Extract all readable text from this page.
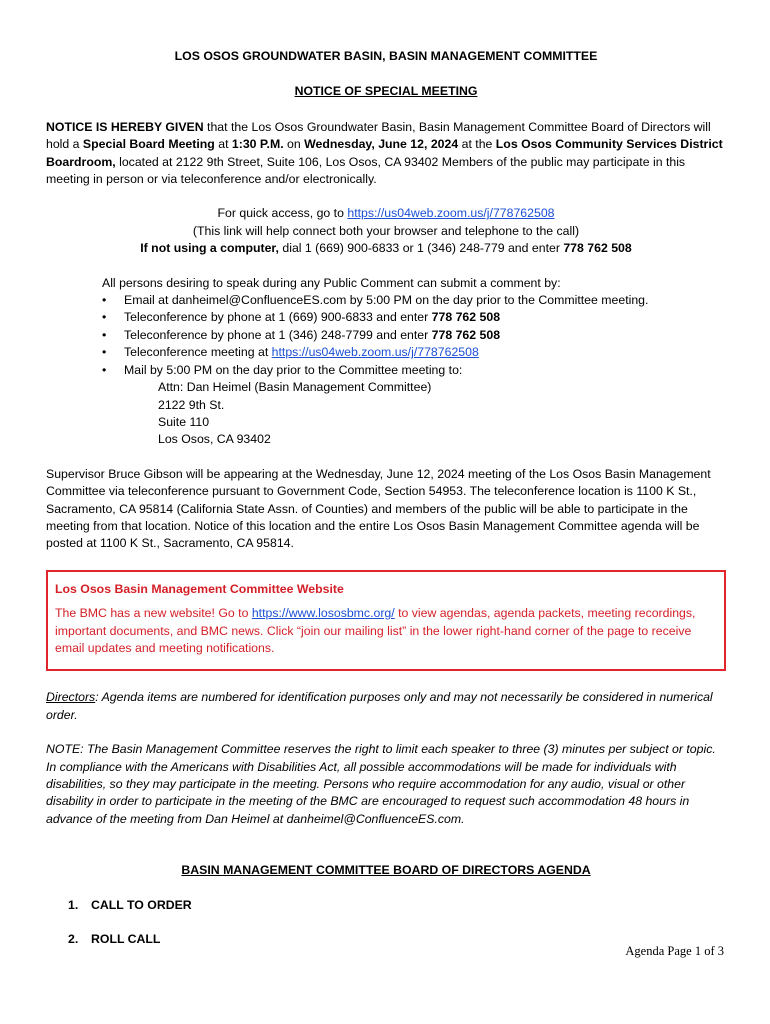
LOS OSOS GROUNDWATER BASIN, BASIN MANAGEMENT COMMITTEE

NOTICE OF SPECIAL MEETING

NOTICE IS HEREBY GIVEN that the Los Osos Groundwater Basin, Basin Management Committee Board of Directors will hold a Special Board Meeting at 1:30 P.M. on Wednesday, June 12, 2024 at the Los Osos Community Services District Boardroom, located at 2122 9th Street, Suite 106, Los Osos, CA 93402 Members of the public may participate in this meeting in person or via teleconference and/or electronically.

For quick access, go to https://us04web.zoom.us/j/778762508

(This link will help connect both your browser and telephone to the call)

If not using a computer, dial 1 (669) 900-6833 or 1 (346) 248-779 and enter 778 762 508

All persons desiring to speak during any Public Comment can submit a comment by:

• Email at danheimel@ConfluenceES.com by 5:00 PM on the day prior to the Committee meeting.
• Teleconference by phone at 1 (669) 900-6833 and enter 778 762 508
• Teleconference by phone at 1 (346) 248-7799 and enter 778 762 508
• Teleconference meeting at https://us04web.zoom.us/j/778762508
• Mail by 5:00 PM on the day prior to the Committee meeting to:

Attn: Dan Heimel (Basin Management Committee)

2122 9th St.

Suite 110

Los Osos, CA 93402

Supervisor Bruce Gibson will be appearing at the Wednesday, June 12, 2024 meeting of the Los Osos Basin Management Committee via teleconference pursuant to Government Code, Section 54953. The teleconference location is 1100 K St., Sacramento, CA 95814 (California State Assn. of Counties) and members of the public will be able to participate in the meeting from that location. Notice of this location and the entire Los Osos Basin Management Committee agenda will be posted at 1100 K St., Sacramento, CA 95814.

Los Osos Basin Management Committee Website

The BMC has a new website! Go to https://www.lososbmc.org/ to view agendas, agenda packets, meeting recordings, important documents, and BMC news. Click “join our mailing list” in the lower right-hand corner of the page to receive email updates and meeting notifications.

Directors: Agenda items are numbered for identification purposes only and may not necessarily be considered in numerical order.

NOTE: The Basin Management Committee reserves the right to limit each speaker to three (3) minutes per subject or topic. In compliance with the Americans with Disabilities Act, all possible accommodations will be made for individuals with disabilities, so they may participate in the meeting. Persons who require accommodation for any audio, visual or other disability in order to participate in the meeting of the BMC are encouraged to request such accommodation 48 hours in advance of the meeting from Dan Heimel at danheimel@ConfluenceES.com.

BASIN MANAGEMENT COMMITTEE BOARD OF DIRECTORS AGENDA

1. CALL TO ORDER

2. ROLL CALL

Agenda Page 1 of 3
